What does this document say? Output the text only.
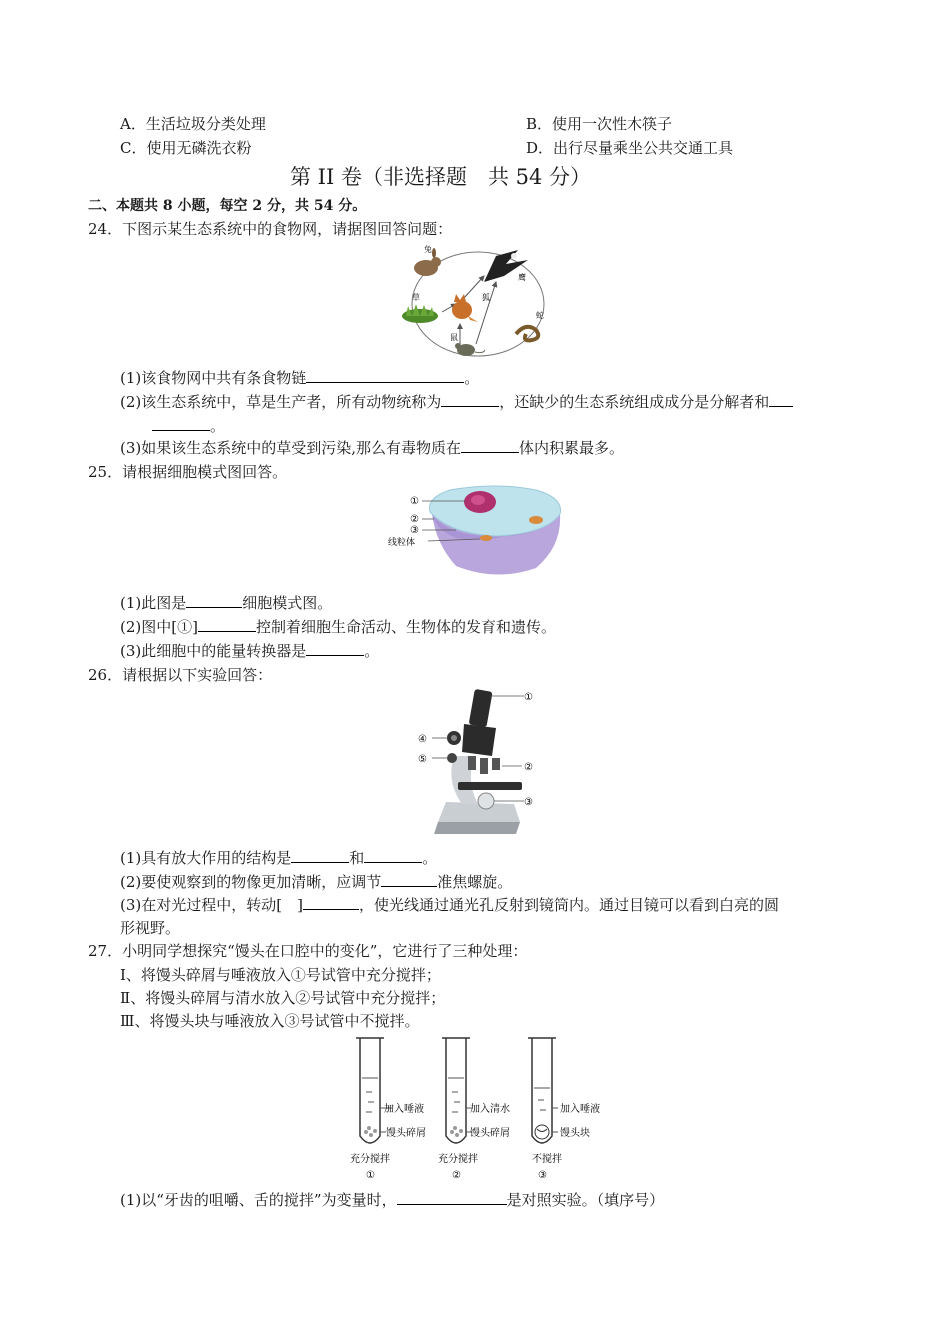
A．生活垃圾分类处理	B．使用一次性木筷子
C．使用无磷洗衣粉	D．出行尽量乘坐公共交通工具
第 II 卷（非选择题　共 54 分）
二、本题共 8 小题，每空 2 分，共 54 分。
24．下图示某生态系统中的食物网，请据图回答问题：
兔
鹰
草	狐
蛇
鼠
(1)该食物网中共有条食物链	。
(2)该生态系统中，草是生产者，所有动物统称为	，还缺少的生态系统组成成分是分解者和
。
(3)如果该生态系统中的草受到污染,那么有毒物质在	体内积累最多。
25．请根据细胞模式图回答。
①
②
③
线粒体
(1)此图是	细胞模式图。
(2)图中[①]	控制着细胞生命活动、生物体的发育和遗传。
(3)此细胞中的能量转换器是	。
26．请根据以下实验回答：
①
②
③
④
⑤
(1)具有放大作用的结构是	和	。
(2)要使观察到的物像更加清晰，应调节	准焦螺旋。
(3)在对光过程中，转动[　]	，使光线通过通光孔反射到镜筒内。通过目镜可以看到白亮的圆
形视野。
27．小明同学想探究“馒头在口腔中的变化”，它进行了三种处理：
Ⅰ、将馒头碎屑与唾液放入①号试管中充分搅拌；
Ⅱ、将馒头碎屑与清水放入②号试管中充分搅拌；
Ⅲ、将馒头块与唾液放入③号试管中不搅拌。
加入唾液
馒头碎屑
充分搅拌
①
加入清水
馒头碎屑
充分搅拌
②
加入唾液
馒头块
不搅拌
③
(1)以“牙齿的咀嚼、舌的搅拌”为变量时，	是对照实验。（填序号）
